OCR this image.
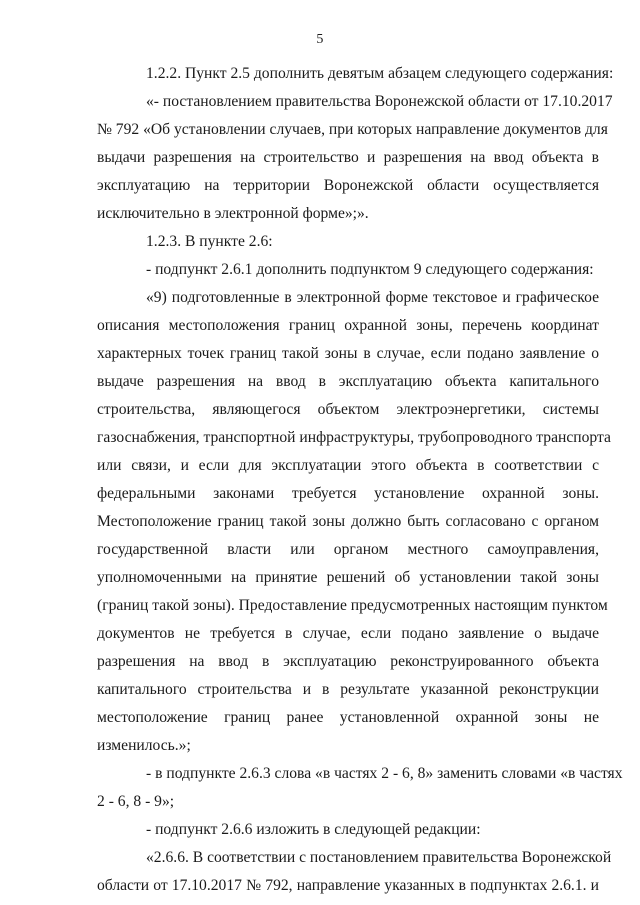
5
1.2.2. Пункт 2.5 дополнить девятым абзацем следующего содержания:
«- постановлением правительства Воронежской области от 17.10.2017
№ 792 «Об установлении случаев, при которых направление документов для
выдачи разрешения на строительство и разрешения на ввод объекта в
эксплуатацию на территории Воронежской области осуществляется
исключительно в электронной форме»;».
1.2.3. В пункте 2.6:
- подпункт 2.6.1 дополнить подпунктом 9 следующего содержания:
«9) подготовленные в электронной форме текстовое и графическое
описания местоположения границ охранной зоны, перечень координат
характерных точек границ такой зоны в случае, если подано заявление о
выдаче разрешения на ввод в эксплуатацию объекта капитального
строительства, являющегося объектом электроэнергетики, системы
газоснабжения, транспортной инфраструктуры, трубопроводного транспорта
или связи, и если для эксплуатации этого объекта в соответствии с
федеральными законами требуется установление охранной зоны.
Местоположение границ такой зоны должно быть согласовано с органом
государственной власти или органом местного самоуправления,
уполномоченными на принятие решений об установлении такой зоны
(границ такой зоны). Предоставление предусмотренных настоящим пунктом
документов не требуется в случае, если подано заявление о выдаче
разрешения на ввод в эксплуатацию реконструированного объекта
капитального строительства и в результате указанной реконструкции
местоположение границ ранее установленной охранной зоны не
изменилось.»;
- в подпункте 2.6.3 слова «в частях 2 - 6, 8» заменить словами «в частях
2 - 6, 8 - 9»;
- подпункт 2.6.6 изложить в следующей редакции:
«2.6.6. В соответствии с постановлением правительства Воронежской
области от 17.10.2017 № 792, направление указанных в подпунктах 2.6.1. и
